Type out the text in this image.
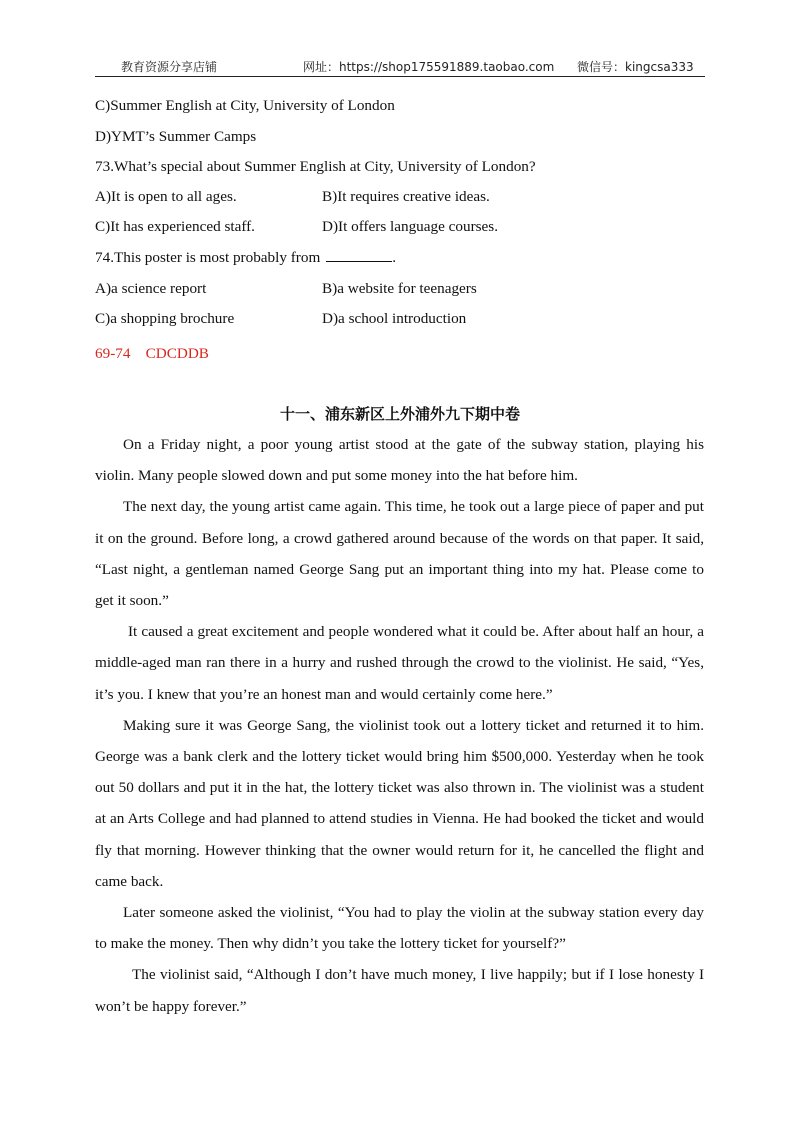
教育资源分享店铺	网址：https://shop175591889.taobao.com 微信号：kingcsa333
C)Summer English at City, University of London
D)YMT’s Summer Camps
73.What’s special about Summer English at City, University of London?
A)It is open to all ages.	B)It requires creative ideas.
C)It has experienced staff.	D)It offers language courses.
74.This poster is most probably from	.
A)a science report	B)a website for teenagers
C)a shopping brochure	D)a school introduction
69-74    CDCDDB
十一、浦东新区上外浦外九下期中卷

On a Friday night, a poor young artist stood at the gate of the subway station, playing his violin. Many people slowed down and put some money into the hat before him.

The next day, the young artist came again. This time, he took out a large piece of paper and put it on the ground. Before long, a crowd gathered around because of the words on that paper. It said, “Last night, a gentleman named George Sang put an important thing into my hat. Please come to get it soon.”

It caused a great excitement and people wondered what it could be. After about half an hour, a middle-aged man ran there in a hurry and rushed through the crowd to the violinist. He said, “Yes, it’s you. I knew that you’re an honest man and would certainly come here.”

Making sure it was George Sang, the violinist took out a lottery ticket and returned it to him. George was a bank clerk and the lottery ticket would bring him $500,000. Yesterday when he took out 50 dollars and put it in the hat, the lottery ticket was also thrown in. The violinist was a student at an Arts College and had planned to attend studies in Vienna. He had booked the ticket and would fly that morning. However thinking that the owner would return for it, he cancelled the flight and came back.

Later someone asked the violinist, “You had to play the violin at the subway station every day to make the money. Then why didn’t you take the lottery ticket for yourself?”

The violinist said, “Although I don’t have much money, I live happily; but if I lose honesty I won’t be happy forever.”
